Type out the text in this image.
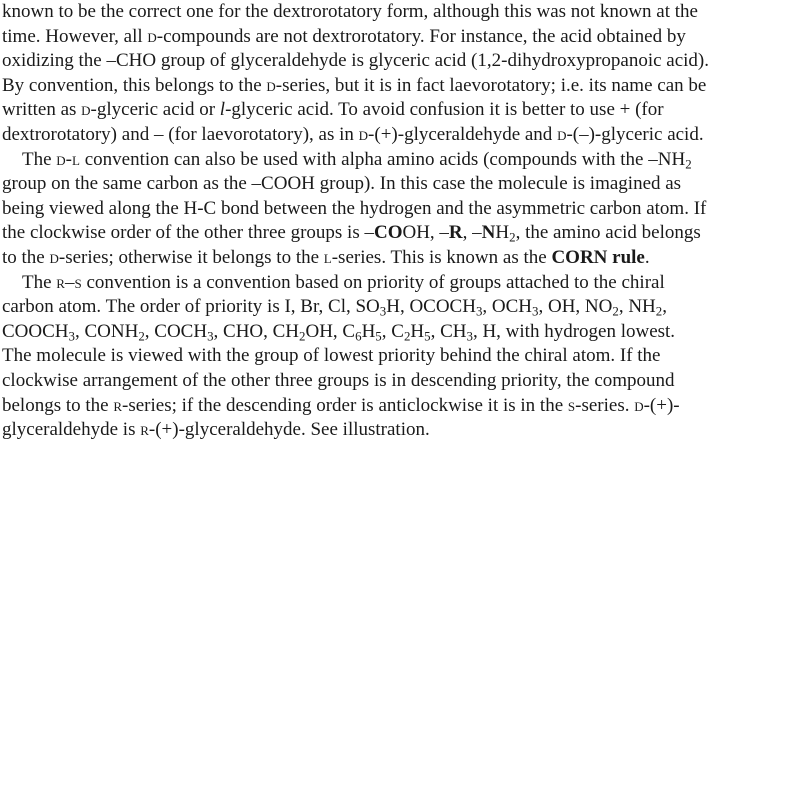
known to be the correct one for the dextrorotatory form, although this was not known at the
time. However, all d-compounds are not dextrorotatory. For instance, the acid obtained by
oxidizing the –CHO group of glyceraldehyde is glyceric acid (1,2-dihydroxypropanoic acid).
By convention, this belongs to the d-series, but it is in fact laevorotatory; i.e. its name can be
written as d-glyceric acid or l-glyceric acid. To avoid confusion it is better to use + (for
dextrorotatory) and – (for laevorotatory), as in d-(+)-glyceraldehyde and d-(–)-glyceric acid.
The d-l convention can also be used with alpha amino acids (compounds with the $-NH_2$
group on the same carbon as the –COOH group). In this case the molecule is imagined as
being viewed along the H-C bond between the hydrogen and the asymmetric carbon atom. If
the clockwise order of the other three groups is –COOH, –R, $-NH_2$, the amino acid belongs
to the d-series; otherwise it belongs to the l-series. This is known as the CORN rule.
The r–s convention is a convention based on priority of groups attached to the chiral
carbon atom. The order of priority is I, Br, Cl, $SO_3H$, $OCOCH_3$, $OCH_3$, OH, $NO_2$, $NH_2$,
$COOCH_3$, $CONH_2$, $COCH_3$, CHO, $CH_2OH$, $C_6H_5$, $C_2H_5$, $CH_3$, H, with hydrogen lowest.
The molecule is viewed with the group of lowest priority behind the chiral atom. If the
clockwise arrangement of the other three groups is in descending priority, the compound
belongs to the r-series; if the descending order is anticlockwise it is in the s-series. d-(+)-
glyceraldehyde is r-(+)-glyceraldehyde. See illustration.
